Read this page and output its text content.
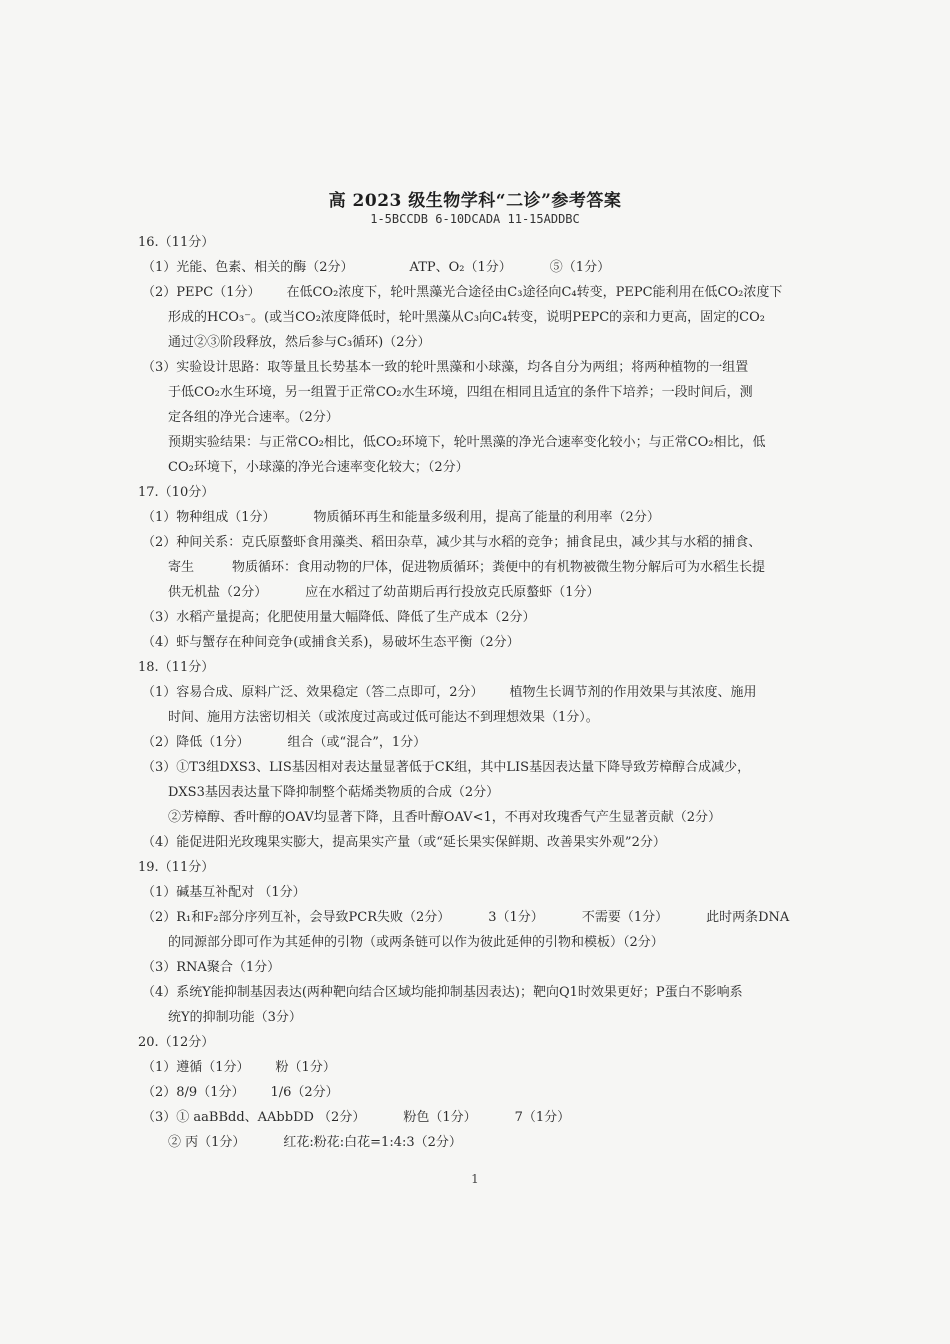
高 2023 级生物学科“二诊”参考答案
1-5BCCDB 6-10DCADA 11-15ADDBC
16.（11分）
（1）光能、色素、相关的酶（2分）	ATP、O₂（1分）	⑤（1分）
（2）PEPC（1分） 在低CO₂浓度下，轮叶黑藻光合途径由C₃途径向C₄转变，PEPC能利用在低CO₂浓度下
形成的HCO₃⁻。(或当CO₂浓度降低时，轮叶黑藻从C₃向C₄转变，说明PEPC的亲和力更高，固定的CO₂
通过②③阶段释放，然后参与C₃循环)（2分）
（3）实验设计思路：取等量且长势基本一致的轮叶黑藻和小球藻，均各自分为两组；将两种植物的一组置
于低CO₂水生环境，另一组置于正常CO₂水生环境，四组在相同且适宜的条件下培养；一段时间后，测
定各组的净光合速率。（2分）
预期实验结果：与正常CO₂相比，低CO₂环境下，轮叶黑藻的净光合速率变化较小；与正常CO₂相比，低
CO₂环境下，小球藻的净光合速率变化较大；（2分）
17.（10分）
（1）物种组成（1分）	物质循环再生和能量多级利用，提高了能量的利用率（2分）
（2）种间关系：克氏原螯虾食用藻类、稻田杂草，减少其与水稻的竞争；捕食昆虫，减少其与水稻的捕食、
寄生	物质循环：食用动物的尸体，促进物质循环；粪便中的有机物被微生物分解后可为水稻生长提
供无机盐（2分）	应在水稻过了幼苗期后再行投放克氏原螯虾（1分）
（3）水稻产量提高；化肥使用量大幅降低、降低了生产成本（2分）
（4）虾与蟹存在种间竞争(或捕食关系)，易破坏生态平衡（2分）
18.（11分）
（1）容易合成、原料广泛、效果稳定（答二点即可，2分） 植物生长调节剂的作用效果与其浓度、施用
时间、施用方法密切相关（或浓度过高或过低可能达不到理想效果（1分）。
（2）降低（1分）	组合（或“混合”，1分）
（3）①T3组DXS3、LIS基因相对表达量显著低于CK组，其中LIS基因表达量下降导致芳樟醇合成减少，
DXS3基因表达量下降抑制整个萜烯类物质的合成（2分）
②芳樟醇、香叶醇的OAV均显著下降，且香叶醇OAV<1，不再对玫瑰香气产生显著贡献（2分）
（4）能促进阳光玫瑰果实膨大，提高果实产量（或“延长果实保鲜期、改善果实外观”2分）
19.（11分）
（1）碱基互补配对 （1分）
（2）R₁和F₂部分序列互补，会导致PCR失败（2分）	3（1分）	不需要（1分）	此时两条DNA
的同源部分即可作为其延伸的引物（或两条链可以作为彼此延伸的引物和模板）（2分）
（3）RNA聚合（1分）
（4）系统Y能抑制基因表达(两种靶向结合区域均能抑制基因表达)；靶向Q1时效果更好；P蛋白不影响系
统Y的抑制功能（3分）
20.（12分）
（1）遵循（1分） 粉（1分）
（2）8/9（1分） 1/6（2分）
（3）① aaBBdd、AAbbDD （2分）	粉色（1分）	7（1分）
② 丙（1分）	红花:粉花:白花=1:4:3（2分）
1
